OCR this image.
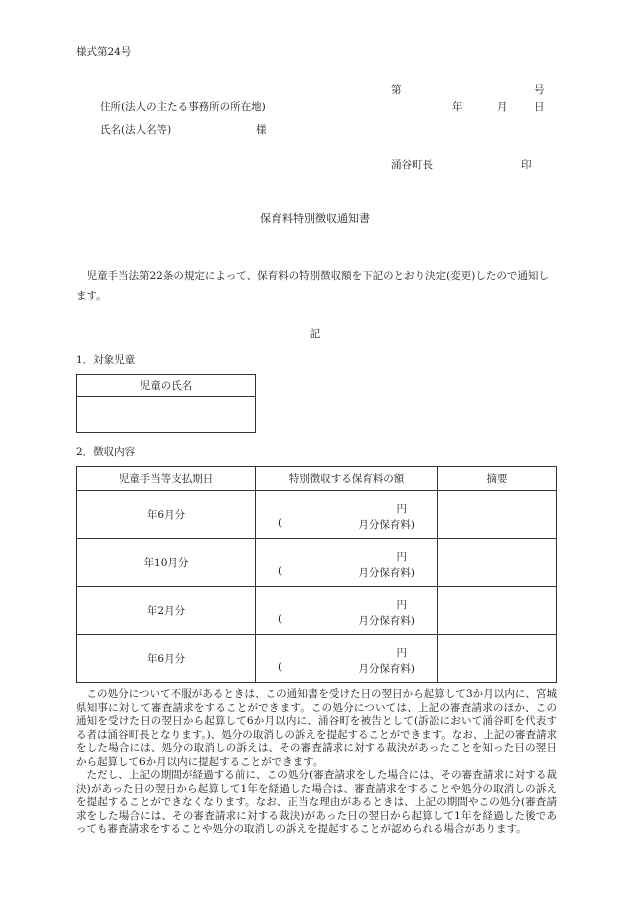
様式第24号
第	号
住所(法人の主たる事務所の所在地)	年	月	日
氏名(法人名等)	様
涌谷町長	印
保育料特別徴収通知書
児童手当法第22条の規定によって、保育料の特別徴収額を下記のとおり決定(変更)したので通知します。
記
1．対象児童
児童の氏名

2．徴収内容
児童手当等支払期日	特別徴収する保育料の額	摘要
年6月分	円
( 月分保育料)	

年10月分	円
( 月分保育料)	

年2月分	円
( 月分保育料)	

年6月分	円
( 月分保育料)	

この処分について不服があるときは、この通知書を受けた日の翌日から起算して3か月以内に、宮城県知事に対して審査請求をすることができます。この処分については、上記の審査請求のほか、この通知を受けた日の翌日から起算して6か月以内に、涌谷町を被告として(訴訟において涌谷町を代表する者は涌谷町長となります。)、処分の取消しの訴えを提起することができます。なお、上記の審査請求をした場合には、処分の取消しの訴えは、その審査請求に対する裁決があったことを知った日の翌日から起算して6か月以内に提起することができます。

ただし、上記の期間が経過する前に、この処分(審査請求をした場合には、その審査請求に対する裁決)があった日の翌日から起算して1年を経過した場合は、審査請求をすることや処分の取消しの訴えを提起することができなくなります。なお、正当な理由があるときは、上記の期間やこの処分(審査請求をした場合には、その審査請求に対する裁決)があった日の翌日から起算して1年を経過した後であっても審査請求をすることや処分の取消しの訴えを提起することが認められる場合があります。
